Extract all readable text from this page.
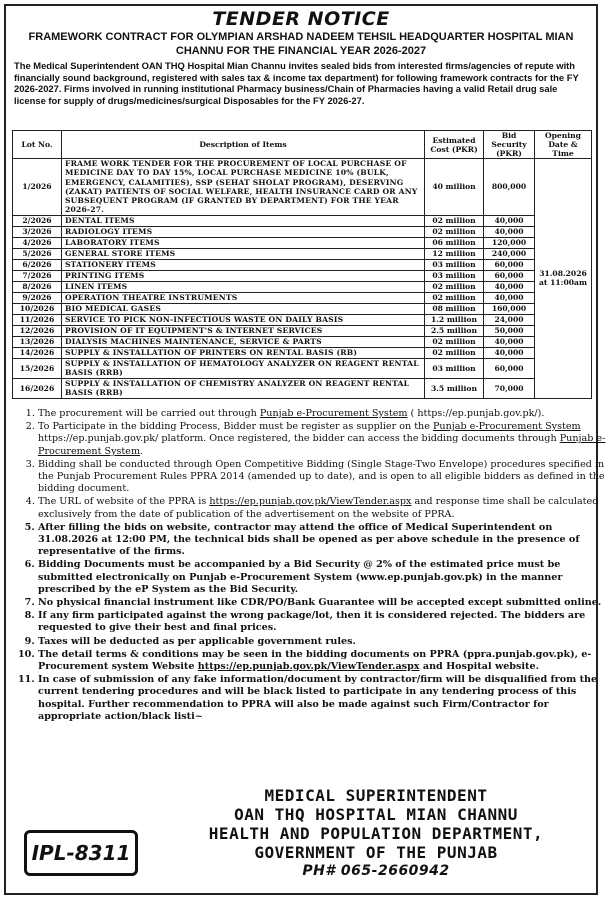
TENDER NOTICE
FRAMEWORK CONTRACT FOR OLYMPIAN ARSHAD NADEEM TEHSIL HEADQUARTER HOSPITAL MIAN CHANNU FOR THE FINANCIAL YEAR 2026-2027
The Medical Superintendent OAN THQ Hospital Mian Channu invites sealed bids from interested firms/agencies of repute with financially sound background, registered with sales tax & income tax department) for following framework contracts for the FY 2026-2027. Firms involved in running institutional Pharmacy business/Chain of Pharmacies having a valid Retail drug sale license for supply of drugs/medicines/surgical Disposables for the FY 2026-27.
Lot No.	Description of Items	Estimated Cost (PKR)	Bid Security (PKR)	Opening Date & Time
1/2026	FRAME WORK TENDER FOR THE PROCUREMENT OF LOCAL PURCHASE OF MEDICINE DAY TO DAY 15%, LOCAL PURCHASE MEDICINE 10% (BULK, EMERGENCY, CALAMITIES), SSP (SEHAT SHOLAT PROGRAM), DESERVING (ZAKAT) PATIENTS OF SOCIAL WELFARE, HEALTH INSURANCE CARD OR ANY SUBSEQUENT PROGRAM (IF GRANTED BY DEPARTMENT) FOR THE YEAR 2026-27.	40 million	800,000	31.08.2026 at 11:00am
2/2026	DENTAL ITEMS	02 million	40,000	
3/2026	RADIOLOGY ITEMS	02 million	40,000	
4/2026	LABORATORY ITEMS	06 million	120,000	
5/2026	GENERAL STORE ITEMS	12 million	240,000	
6/2026	STATIONERY ITEMS	03 million	60,000	
7/2026	PRINTING ITEMS	03 million	60,000	
8/2026	LINEN ITEMS	02 million	40,000	
9/2026	OPERATION THEATRE INSTRUMENTS	02 million	40,000	
10/2026	BIO MEDICAL GASES	08 million	160,000	
11/2026	SERVICE TO PICK NON-INFECTIOUS WASTE ON DAILY BASIS	1.2 million	24,000	
12/2026	PROVISION OF IT EQUIPMENT'S & INTERNET SERVICES	2.5 million	50,000	
13/2026	DIALYSIS MACHINES MAINTENANCE, SERVICE & PARTS	02 million	40,000	
14/2026	SUPPLY & INSTALLATION OF PRINTERS ON RENTAL BASIS (RB)	02 million	40,000	
15/2026	SUPPLY & INSTALLATION OF HEMATOLOGY ANALYZER ON REAGENT RENTAL BASIS (RRB)	03 million	60,000	
16/2026	SUPPLY & INSTALLATION OF CHEMISTRY ANALYZER ON REAGENT RENTAL BASIS (RRB)	3.5 million	70,000	
1. The procurement will be carried out through Punjab e-Procurement System ( https://ep.punjab.gov.pk/).
2. To Participate in the bidding Process, Bidder must be register as supplier on the Punjab e-Procurement System https://ep.punjab.gov.pk/ platform. Once registered, the bidder can access the bidding documents through Punjab e-Procurement System.
3. Bidding shall be conducted through Open Competitive Bidding (Single Stage-Two Envelope) procedures specified in the Punjab Procurement Rules PPRA 2014 (amended up to date), and is open to all eligible bidders as defined in the bidding document.
4. The URL of website of the PPRA is https://ep.punjab.gov.pk/ViewTender.aspx and response time shall be calculated exclusively from the date of publication of the advertisement on the website of PPRA.
5. After filling the bids on website, contractor may attend the office of Medical Superintendent on 31.08.2026 at 12:00 PM, the technical bids shall be opened as per above schedule in the presence of representative of the firms.
6. Bidding Documents must be accompanied by a Bid Security @ 2% of the estimated price must be submitted electronically on Punjab e-Procurement System (www.ep.punjab.gov.pk) in the manner prescribed by the eP System as the Bid Security.
7. No physical financial instrument like CDR/PO/Bank Guarantee will be accepted except submitted online.
8. If any firm participated against the wrong package/lot, then it is considered rejected. The bidders are requested to give their best and final prices.
9. Taxes will be deducted as per applicable government rules.
10. The detail terms & conditions may be seen in the bidding documents on PPRA (ppra.punjab.gov.pk), e-Procurement system Website https://ep.punjab.gov.pk/ViewTender.aspx and Hospital website.
11. In case of submission of any fake information/document by contractor/firm will be disqualified from the current tendering procedures and will be black listed to participate in any tendering process of this hospital. Further recommendation to PPRA will also be made against such Firm/Contractor for appropriate action/black listi~
MEDICAL SUPERINTENDENT
OAN THQ HOSPITAL MIAN CHANNU
HEALTH AND POPULATION DEPARTMENT,
GOVERNMENT OF THE PUNJAB
PH# 065-2660942
IPL-8311
